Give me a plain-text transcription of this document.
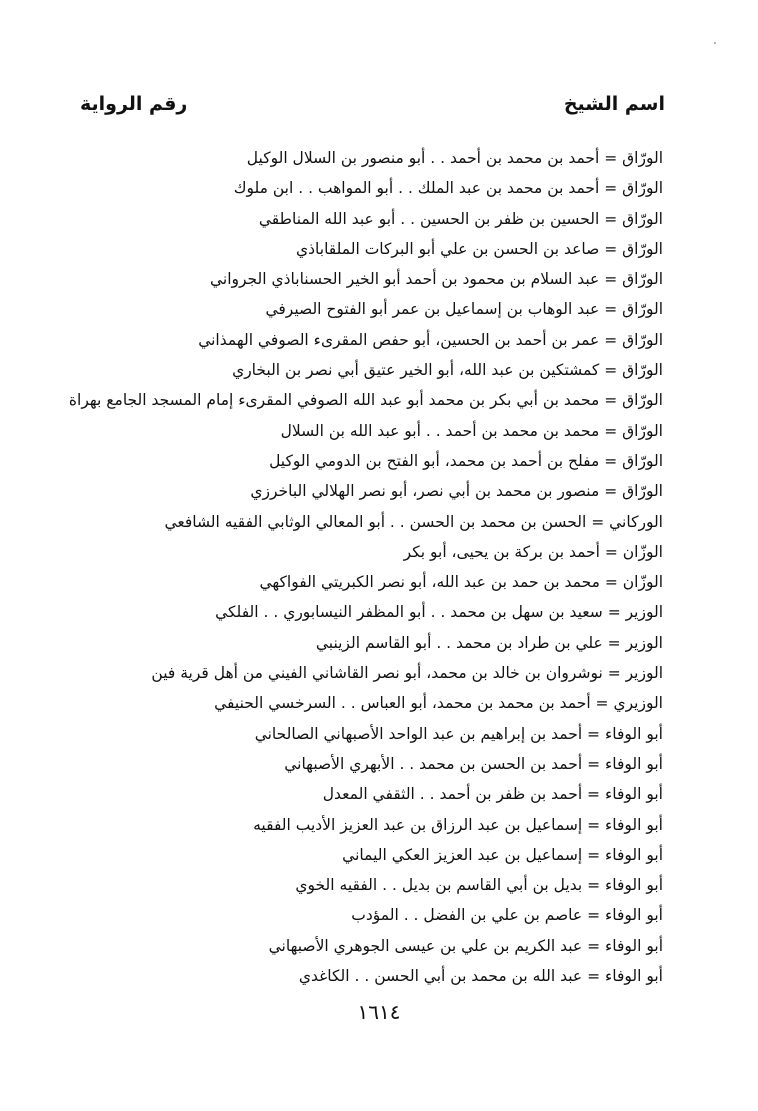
اسم الشيخ
رقم الرواية
الورّاق = أحمد بن محمد بن أحمد . . أبو منصور بن السلال الوكيل
الورّاق = أحمد بن محمد بن عبد الملك . . أبو المواهب . . ابن ملوك
الورّاق = الحسين بن ظفر بن الحسين . . أبو عبد الله المناطقي
الورّاق = صاعد بن الحسن بن علي أبو البركات الملقاباذي
الورّاق = عبد السلام بن محمود بن أحمد أبو الخير الحسناباذي الجرواني
الورّاق = عبد الوهاب بن إسماعيل بن عمر أبو الفتوح الصيرفي
الورّاق = عمر بن أحمد بن الحسين، أبو حفص المقرىء الصوفي الهمذاني
الورّاق = كمشتكين بن عبد الله، أبو الخير عتيق أبي نصر بن البخاري
الورّاق = محمد بن أبي بكر بن محمد أبو عبد الله الصوفي المقرىء إمام المسجد الجامع بهراة
الورّاق = محمد بن محمد بن أحمد . . أبو عبد الله بن السلال
الورّاق = مفلح بن أحمد بن محمد، أبو الفتح بن الدومي الوكيل
الورّاق = منصور بن محمد بن أبي نصر، أبو نصر الهلالي الباخرزي
الوركاني = الحسن بن محمد بن الحسن . . أبو المعالي الوثابي الفقيه الشافعي
الوزّان = أحمد بن بركة بن يحيى، أبو بكر
الوزّان = محمد بن حمد بن عبد الله، أبو نصر الكبريتي الفواكهي
الوزير = سعيد بن سهل بن محمد . . أبو المظفر النيسابوري . . الفلكي
الوزير = علي بن طراد بن محمد . . أبو القاسم الزينبي
الوزير = نوشروان بن خالد بن محمد، أبو نصر القاشاني الفيني من أهل قرية فين
الوزيري = أحمد بن محمد بن محمد، أبو العباس . . السرخسي الحنيفي
أبو الوفاء = أحمد بن إبراهيم بن عبد الواحد الأصبهاني الصالحاني
أبو الوفاء = أحمد بن الحسن بن محمد . . الأبهري الأصبهاني
أبو الوفاء = أحمد بن ظفر بن أحمد . . الثقفي المعدل
أبو الوفاء = إسماعيل بن عبد الرزاق بن عبد العزيز الأديب الفقيه
أبو الوفاء = إسماعيل بن عبد العزيز العكي اليماني
أبو الوفاء = بديل بن أبي القاسم بن بديل . . الفقيه الخوي
أبو الوفاء = عاصم بن علي بن الفضل . . المؤدب
أبو الوفاء = عبد الكريم بن علي بن عيسى الجوهري الأصبهاني
أبو الوفاء = عبد الله بن محمد بن أبي الحسن . . الكاغدي
١٦١٤
